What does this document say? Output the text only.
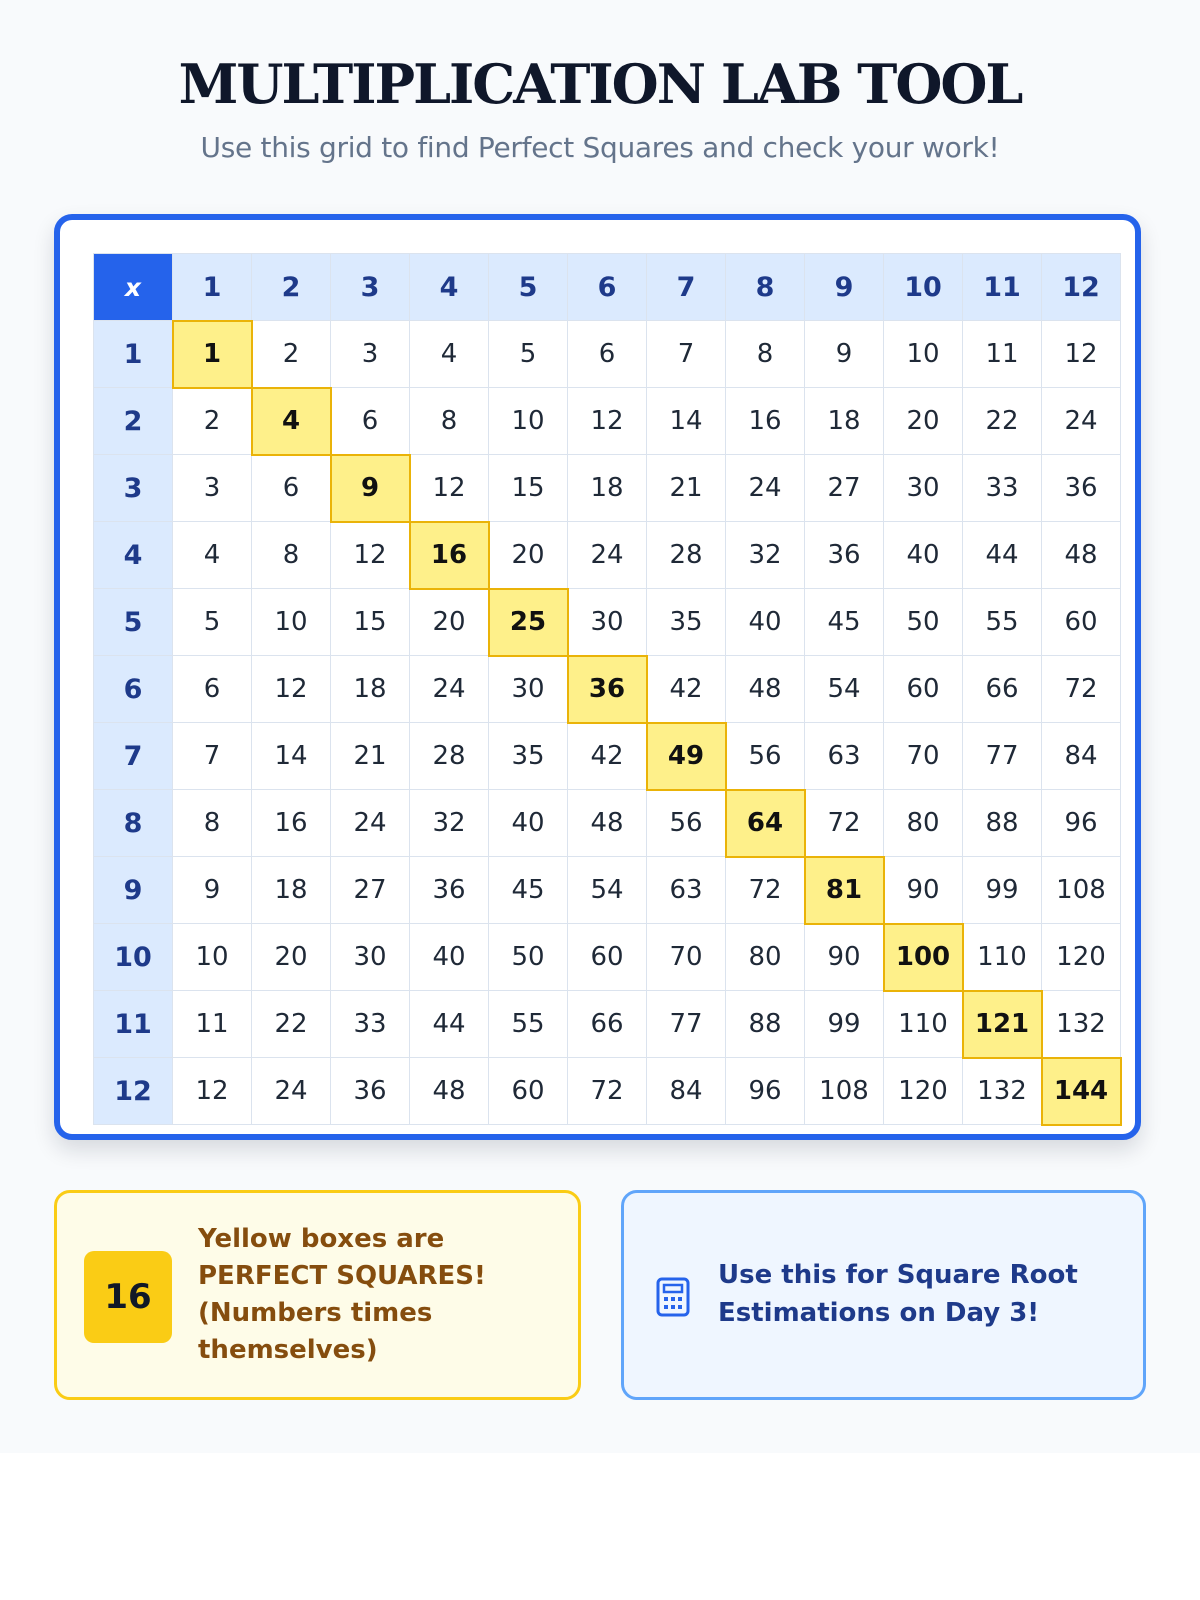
MULTIPLICATION LAB TOOL

Use this grid to find Perfect Squares and check your work!

x	1	2	3	4	5	6	7	8	9	10	11	12
1	1	2	3	4	5	6	7	8	9	10	11	12
2	2	4	6	8	10	12	14	16	18	20	22	24
3	3	6	9	12	15	18	21	24	27	30	33	36
4	4	8	12	16	20	24	28	32	36	40	44	48
5	5	10	15	20	25	30	35	40	45	50	55	60
6	6	12	18	24	30	36	42	48	54	60	66	72
7	7	14	21	28	35	42	49	56	63	70	77	84
8	8	16	24	32	40	48	56	64	72	80	88	96
9	9	18	27	36	45	54	63	72	81	90	99	108
10	10	20	30	40	50	60	70	80	90	100	110	120
11	11	22	33	44	55	66	77	88	99	110	121	132
12	12	24	36	48	60	72	84	96	108	120	132	144
16

Yellow boxes are PERFECT SQUARES! (Numbers times themselves)

Use this for Square Root Estimations on Day 3!
